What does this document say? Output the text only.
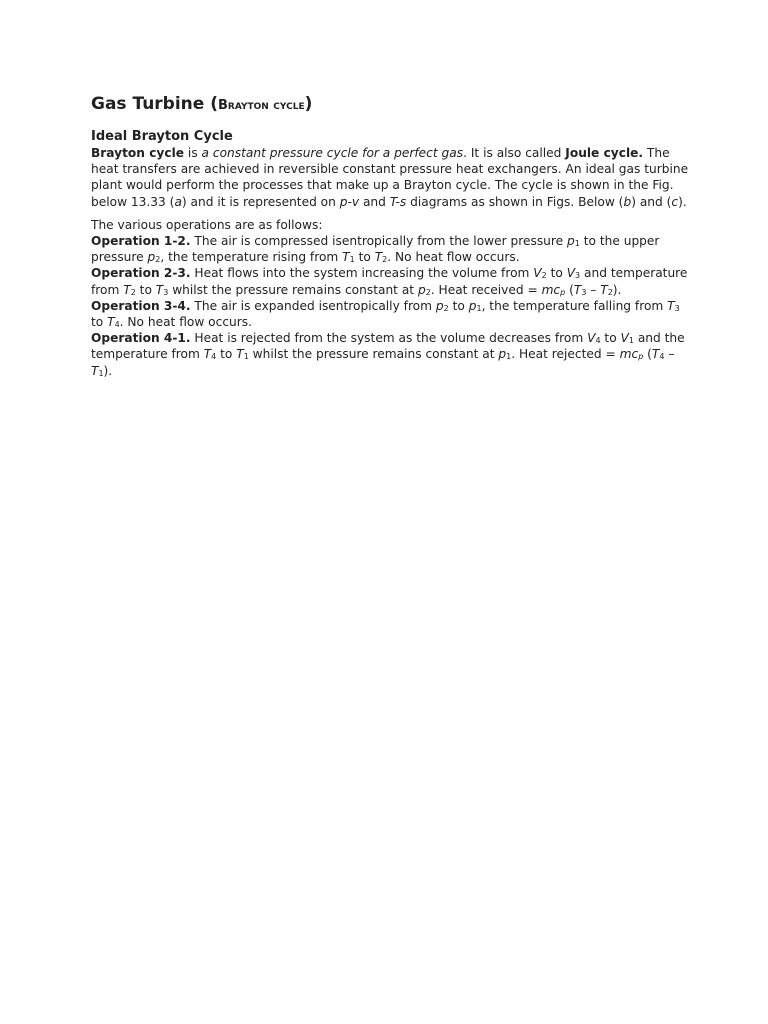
Gas Turbine (Brayton cycle)
Ideal Brayton Cycle

Brayton cycle is a constant pressure cycle for a perfect gas. It is also called Joule cycle. The heat transfers are achieved in reversible constant pressure heat exchangers. An ideal gas turbine plant would perform the processes that make up a Brayton cycle. The cycle is shown in the Fig. below 13.33 (a) and it is represented on p-v and T-s diagrams as shown in Figs. Below (b) and (c).

The various operations are as follows:

Operation 1-2. The air is compressed isentropically from the lower pressure $p_1$ to the upper pressure $p_2$, the temperature rising from $T_1$ to $T_2$. No heat flow occurs.

Operation 2-3. Heat flows into the system increasing the volume from $V_2$ to $V_3$ and temperature from $T_2$ to $T_3$ whilst the pressure remains constant at $p_2$. Heat received = $mc_p$ $(T_3 - T_2)$.

Operation 3-4. The air is expanded isentropically from $p_2$ to $p_1$, the temperature falling from $T_3$ to $T_4$. No heat flow occurs.

Operation 4-1. Heat is rejected from the system as the volume decreases from $V_4$ to $V_1$ and the temperature from $T_4$ to $T_1$ whilst the pressure remains constant at $p_1$. Heat rejected = $mc_p$ $(T_4 - T_1)$.
